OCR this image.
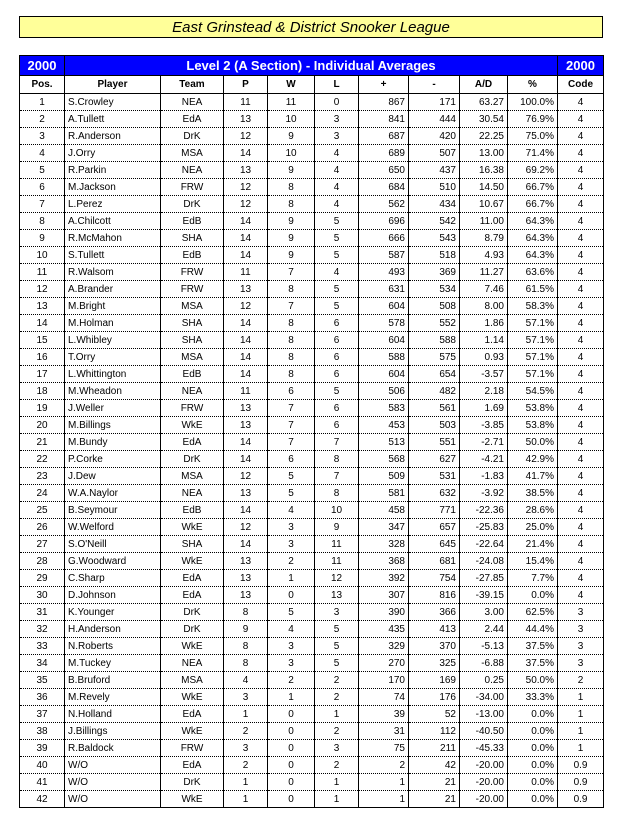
East Grinstead & District Snooker League
2000	Level 2 (A Section) - Individual Averages									2000
Pos.	Player	Team	P	W	L	+	-	A/D	%	Code
1	S.Crowley	NEA	11	11	0	867	171	63.27	100.0%	4
2	A.Tullett	EdA	13	10	3	841	444	30.54	76.9%	4
3	R.Anderson	DrK	12	9	3	687	420	22.25	75.0%	4
4	J.Orry	MSA	14	10	4	689	507	13.00	71.4%	4
5	R.Parkin	NEA	13	9	4	650	437	16.38	69.2%	4
6	M.Jackson	FRW	12	8	4	684	510	14.50	66.7%	4
7	L.Perez	DrK	12	8	4	562	434	10.67	66.7%	4
8	A.Chilcott	EdB	14	9	5	696	542	11.00	64.3%	4
9	R.McMahon	SHA	14	9	5	666	543	8.79	64.3%	4
10	S.Tullett	EdB	14	9	5	587	518	4.93	64.3%	4
11	R.Walsom	FRW	11	7	4	493	369	11.27	63.6%	4
12	A.Brander	FRW	13	8	5	631	534	7.46	61.5%	4
13	M.Bright	MSA	12	7	5	604	508	8.00	58.3%	4
14	M.Holman	SHA	14	8	6	578	552	1.86	57.1%	4
15	L.Whibley	SHA	14	8	6	604	588	1.14	57.1%	4
16	T.Orry	MSA	14	8	6	588	575	0.93	57.1%	4
17	L.Whittington	EdB	14	8	6	604	654	-3.57	57.1%	4
18	M.Wheadon	NEA	11	6	5	506	482	2.18	54.5%	4
19	J.Weller	FRW	13	7	6	583	561	1.69	53.8%	4
20	M.Billings	WkE	13	7	6	453	503	-3.85	53.8%	4
21	M.Bundy	EdA	14	7	7	513	551	-2.71	50.0%	4
22	P.Corke	DrK	14	6	8	568	627	-4.21	42.9%	4
23	J.Dew	MSA	12	5	7	509	531	-1.83	41.7%	4
24	W.A.Naylor	NEA	13	5	8	581	632	-3.92	38.5%	4
25	B.Seymour	EdB	14	4	10	458	771	-22.36	28.6%	4
26	W.Welford	WkE	12	3	9	347	657	-25.83	25.0%	4
27	S.O'Neill	SHA	14	3	11	328	645	-22.64	21.4%	4
28	G.Woodward	WkE	13	2	11	368	681	-24.08	15.4%	4
29	C.Sharp	EdA	13	1	12	392	754	-27.85	7.7%	4
30	D.Johnson	EdA	13	0	13	307	816	-39.15	0.0%	4
31	K.Younger	DrK	8	5	3	390	366	3.00	62.5%	3
32	H.Anderson	DrK	9	4	5	435	413	2.44	44.4%	3
33	N.Roberts	WkE	8	3	5	329	370	-5.13	37.5%	3
34	M.Tuckey	NEA	8	3	5	270	325	-6.88	37.5%	3
35	B.Bruford	MSA	4	2	2	170	169	0.25	50.0%	2
36	M.Revely	WkE	3	1	2	74	176	-34.00	33.3%	1
37	N.Holland	EdA	1	0	1	39	52	-13.00	0.0%	1
38	J.Billings	WkE	2	0	2	31	112	-40.50	0.0%	1
39	R.Baldock	FRW	3	0	3	75	211	-45.33	0.0%	1
40	W/O	EdA	2	0	2	2	42	-20.00	0.0%	0.9
41	W/O	DrK	1	0	1	1	21	-20.00	0.0%	0.9
42	W/O	WkE	1	0	1	1	21	-20.00	0.0%	0.9
